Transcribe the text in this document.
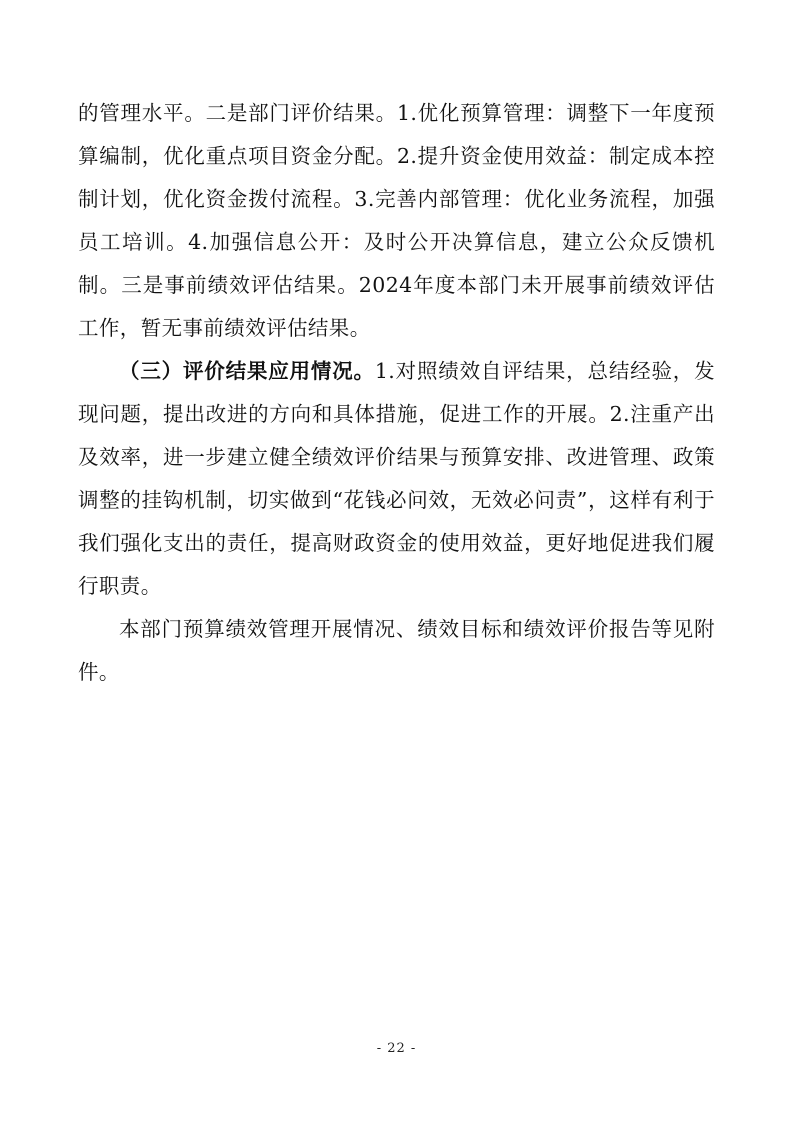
的管理水平。二是部门评价结果。1.优化预算管理：调整下一年度预算编制，优化重点项目资金分配。2.提升资金使用效益：制定成本控制计划，优化资金拨付流程。3.完善内部管理：优化业务流程，加强员工培训。4.加强信息公开：及时公开决算信息，建立公众反馈机制。三是事前绩效评估结果。2024年度本部门未开展事前绩效评估工作，暂无事前绩效评估结果。

（三）评价结果应用情况。1.对照绩效自评结果，总结经验，发现问题，提出改进的方向和具体措施，促进工作的开展。2.注重产出及效率，进一步建立健全绩效评价结果与预算安排、改进管理、政策调整的挂钩机制，切实做到“花钱必问效，无效必问责”，这样有利于我们强化支出的责任，提高财政资金的使用效益，更好地促进我们履行职责。

本部门预算绩效管理开展情况、绩效目标和绩效评价报告等见附件。

- 22 -
